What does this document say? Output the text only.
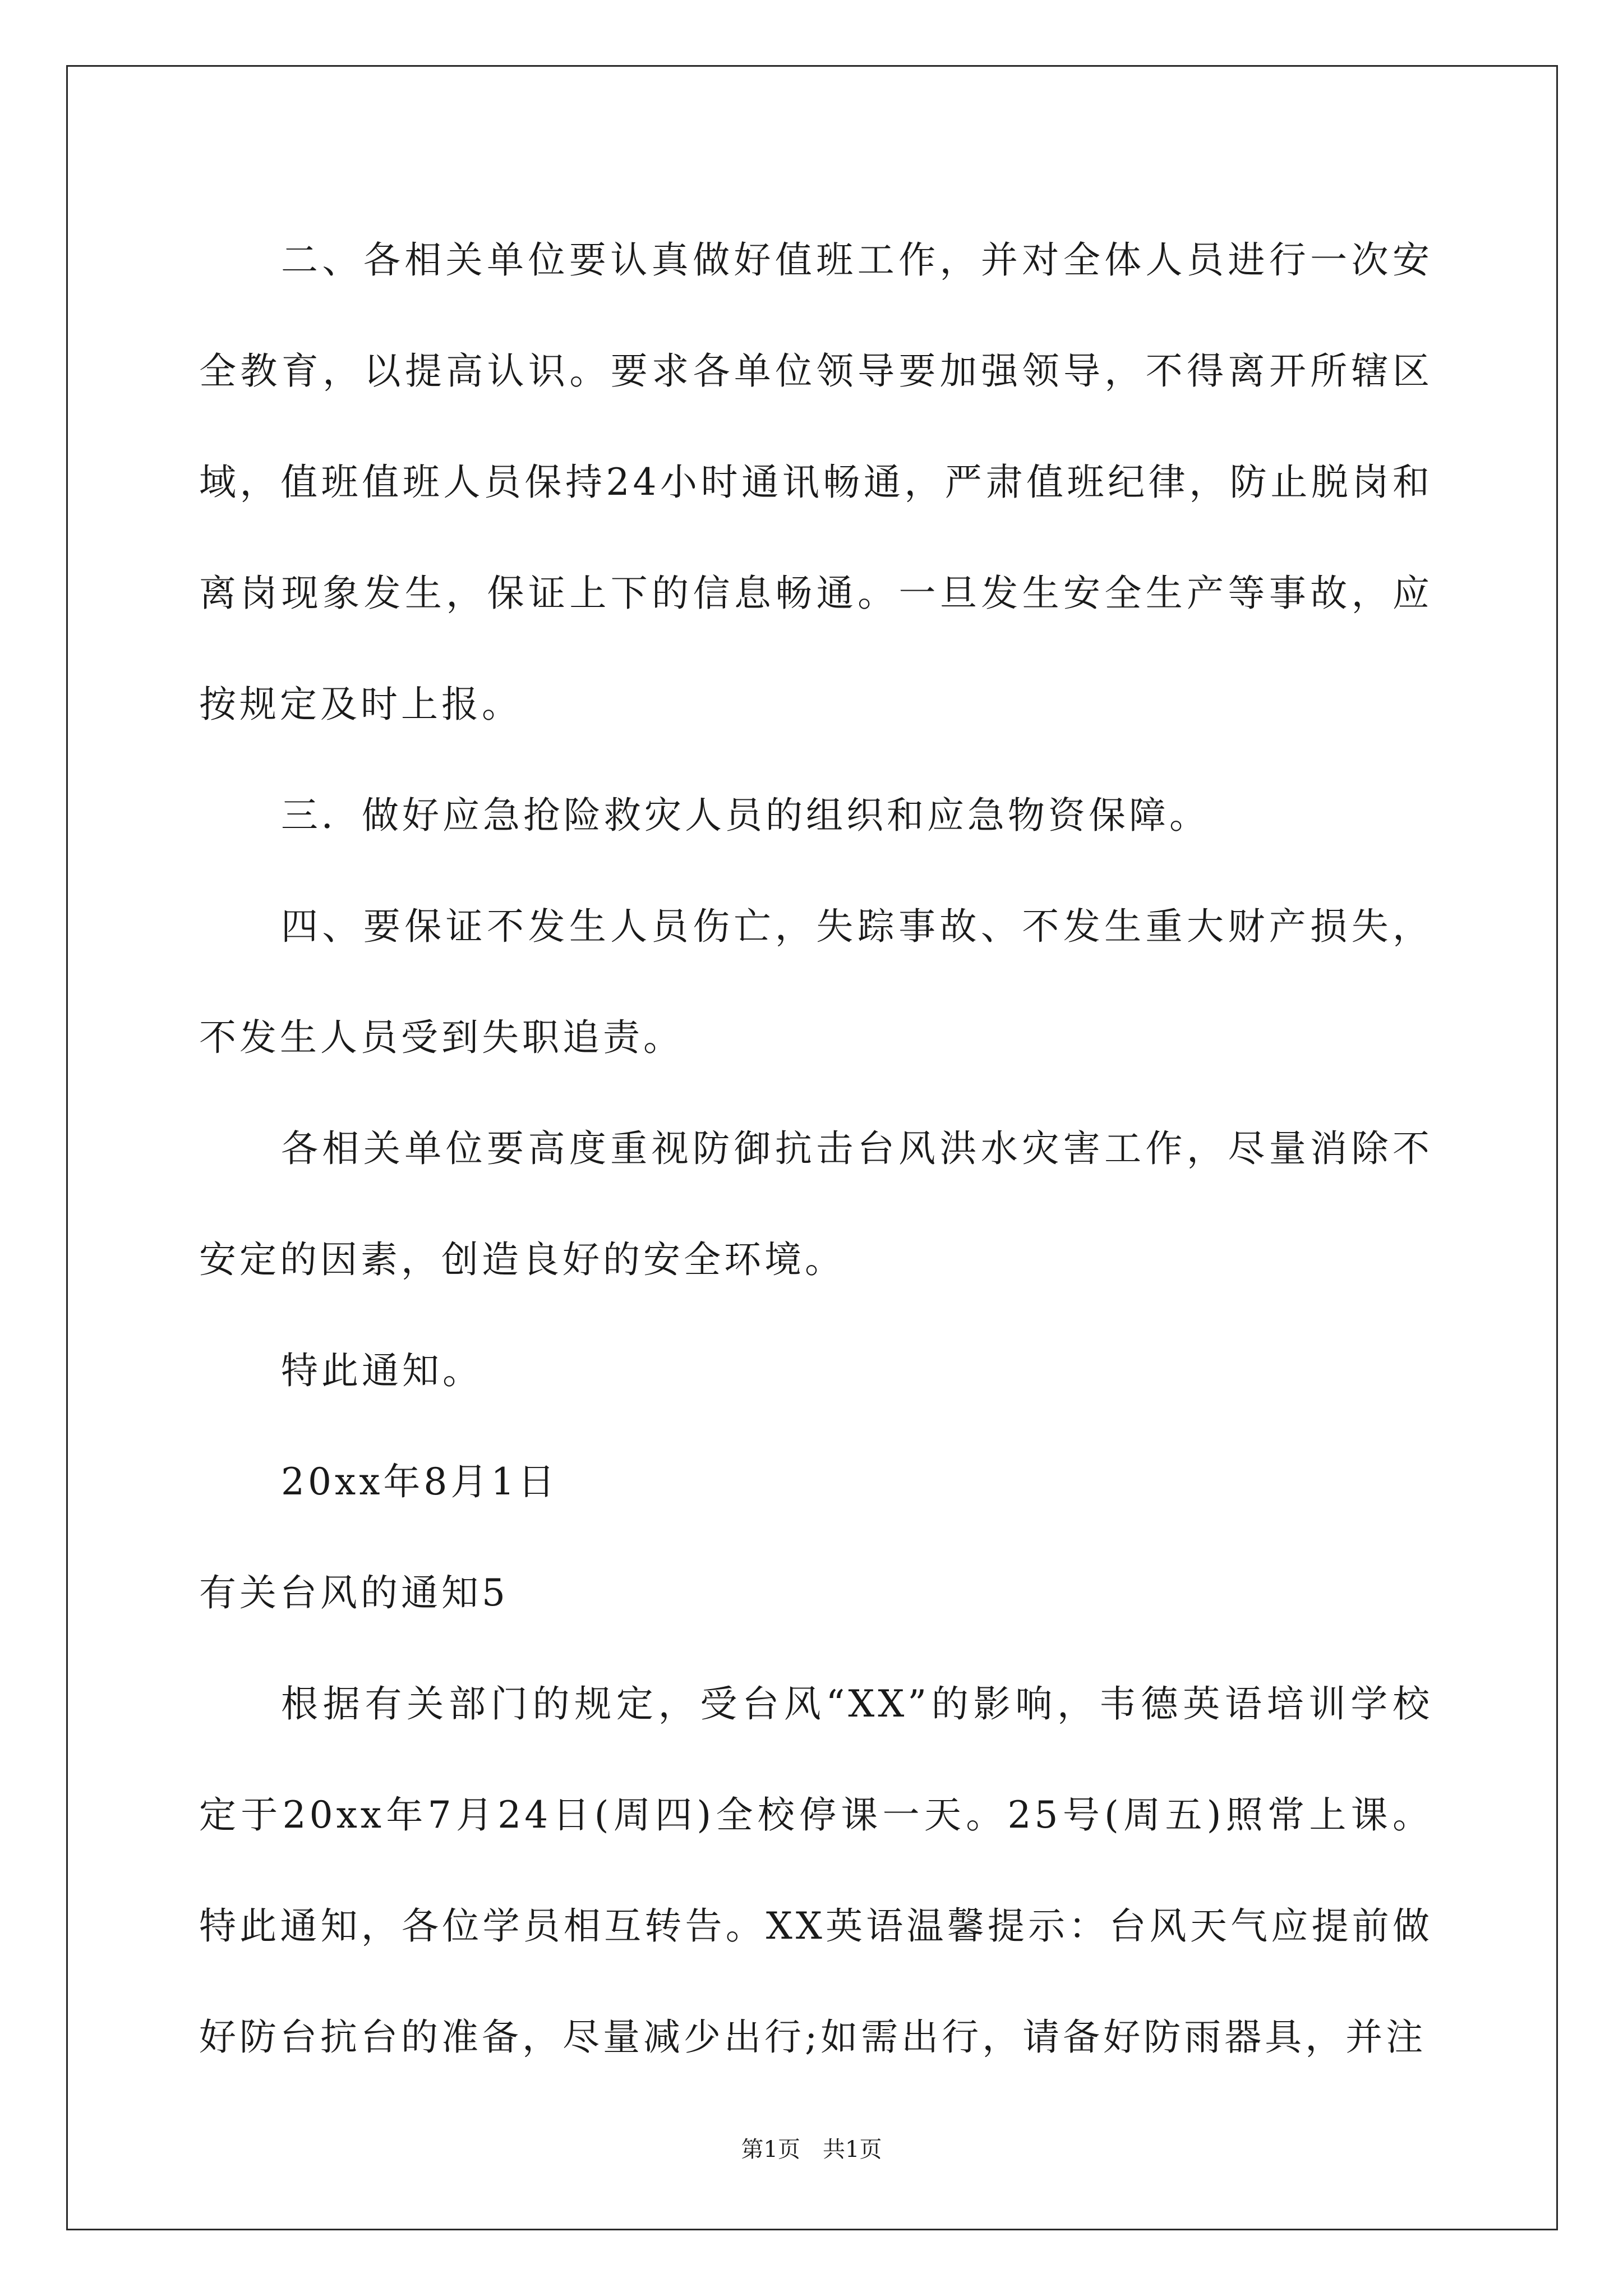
二、各相关单位要认真做好值班工作，并对全体人员进行一次安全教育，以提高认识。要求各单位领导要加强领导，不得离开所辖区域，值班值班人员保持24小时通讯畅通，严肃值班纪律，防止脱岗和离岗现象发生，保证上下的信息畅通。一旦发生安全生产等事故，应按规定及时上报。

三．做好应急抢险救灾人员的组织和应急物资保障。

四、要保证不发生人员伤亡，失踪事故、不发生重大财产损失，不发生人员受到失职追责。

各相关单位要高度重视防御抗击台风洪水灾害工作，尽量消除不安定的因素，创造良好的安全环境。

特此通知。

20xx年8月1日

有关台风的通知5

根据有关部门的规定，受台风“XX”的影响，韦德英语培训学校定于20xx年7月24日(周四)全校停课一天。25号(周五)照常上课。特此通知，各位学员相互转告。XX英语温馨提示：台风天气应提前做好防台抗台的准备，尽量减少出行;如需出行，请备好防雨器具，并注

第1页　共1页
